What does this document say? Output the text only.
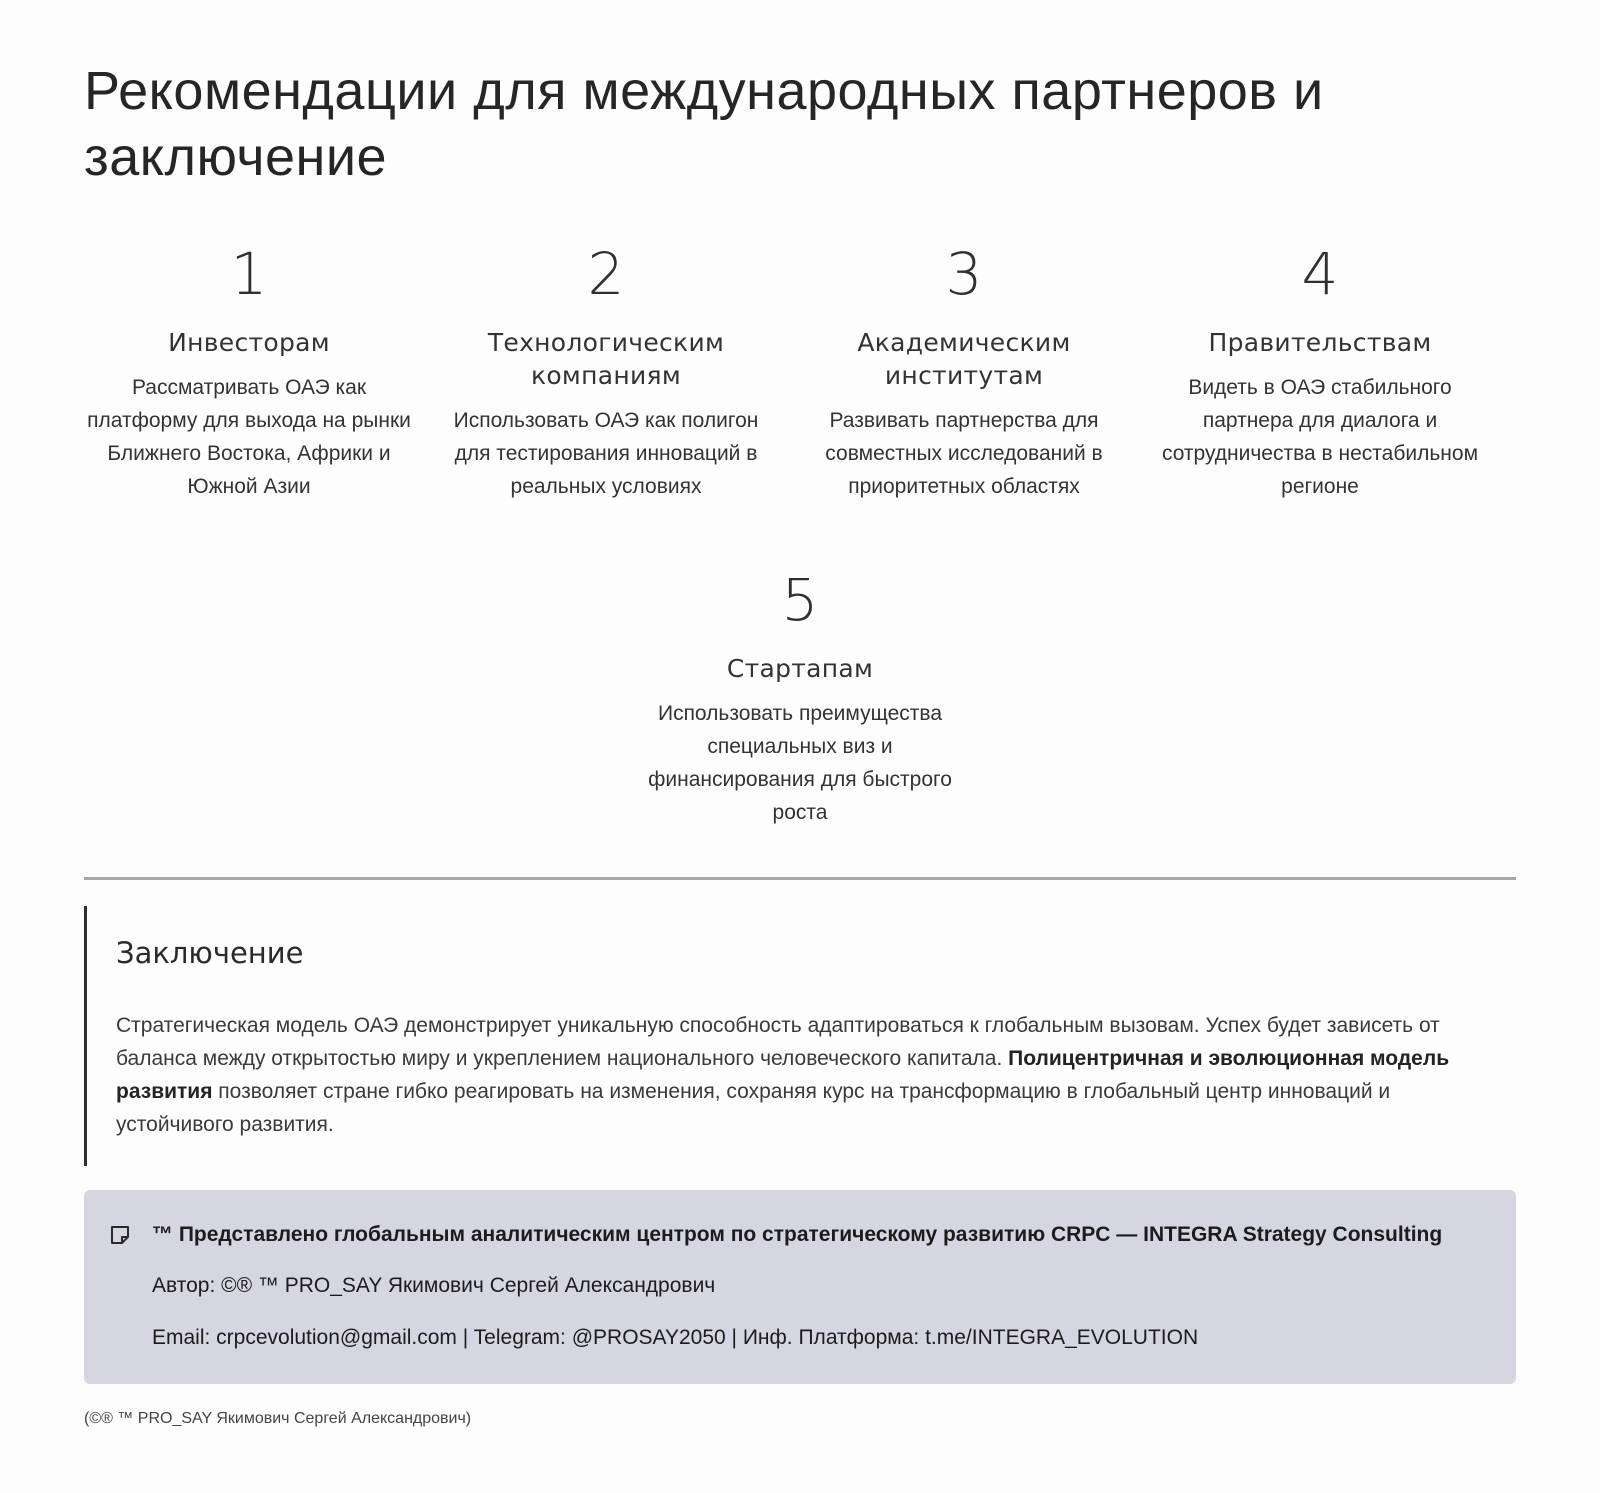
Рекомендации для международных партнеров и заключение
1
Инвесторам
Рассматривать ОАЭ как платформу для выхода на рынки Ближнего Востока, Африки и Южной Азии
2
Технологическим компаниям
Использовать ОАЭ как полигон для тестирования инноваций в реальных условиях
3
Академическим институтам
Развивать партнерства для совместных исследований в приоритетных областях
4
Правительствам
Видеть в ОАЭ стабильного партнера для диалога и сотрудничества в нестабильном регионе
5
Стартапам
Использовать преимущества специальных виз и финансирования для быстрого роста
Заключение

Стратегическая модель ОАЭ демонстрирует уникальную способность адаптироваться к глобальным вызовам. Успех будет зависеть от баланса между открытостью миру и укреплением национального человеческого капитала. Полицентричная и эволюционная модель развития позволяет стране гибко реагировать на изменения, сохраняя курс на трансформацию в глобальный центр инноваций и устойчивого развития.

™ Представлено глобальным аналитическим центром по стратегическому развитию CRPC — INTEGRA Strategy Consulting
Автор: ©® ™ PRO_SAY Якимович Сергей Александрович
Email: crpcevolution@gmail.com | Telegram: @PROSAY2050 | Инф. Платформа: t.me/INTEGRA_EVOLUTION
(©® ™ PRO_SAY Якимович Сергей Александрович)
